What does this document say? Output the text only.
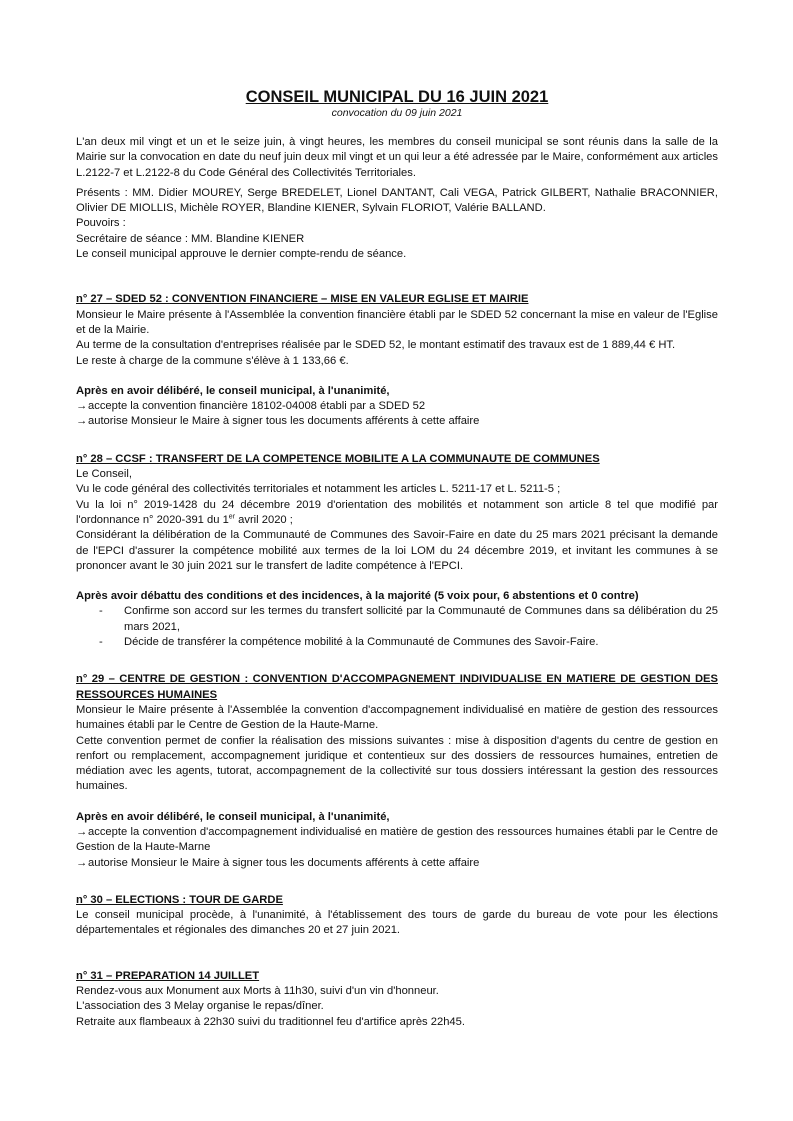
CONSEIL MUNICIPAL DU 16 JUIN 2021
convocation du 09 juin 2021

L'an deux mil vingt et un et le seize juin, à vingt heures, les membres du conseil municipal se sont réunis dans la salle de la Mairie sur la convocation en date du neuf juin deux mil vingt et un qui leur a été adressée par le Maire, conformément aux articles L.2122-7 et L.2122-8 du Code Général des Collectivités Territoriales.

Présents : MM. Didier MOUREY, Serge BREDELET, Lionel DANTANT, Cali VEGA, Patrick GILBERT, Nathalie BRACONNIER, Olivier DE MIOLLIS, Michèle ROYER, Blandine KIENER, Sylvain FLORIOT, Valérie BALLAND.

Pouvoirs :

Secrétaire de séance : MM. Blandine KIENER

Le conseil municipal approuve le dernier compte-rendu de séance.

n° 27 – SDED 52 : CONVENTION FINANCIERE – MISE EN VALEUR EGLISE ET MAIRIE

Monsieur le Maire présente à l'Assemblée la convention financière établi par le SDED 52 concernant la mise en valeur de l'Eglise et de la Mairie.

Au terme de la consultation d'entreprises réalisée par le SDED 52, le montant estimatif des travaux est de 1 889,44 € HT.

Le reste à charge de la commune s'élève à 1 133,66 €.

Après en avoir délibéré, le conseil municipal, à l'unanimité,

→accepte la convention financière 18102-04008 établi par a SDED 52

→autorise Monsieur le Maire à signer tous les documents afférents à cette affaire

n° 28 – CCSF : TRANSFERT DE LA COMPETENCE MOBILITE A LA COMMUNAUTE DE COMMUNES

Le Conseil,

Vu le code général des collectivités territoriales et notamment les articles L. 5211-17 et L. 5211-5 ;

Vu la loi n° 2019-1428 du 24 décembre 2019 d'orientation des mobilités et notamment son article 8 tel que modifié par l'ordonnance n° 2020-391 du 1er avril 2020 ;

Considérant la délibération de la Communauté de Communes des Savoir-Faire en date du 25 mars 2021 précisant la demande de l'EPCI d'assurer la compétence mobilité aux termes de la loi LOM du 24 décembre 2019, et invitant les communes à se prononcer avant le 30 juin 2021 sur le transfert de ladite compétence à l'EPCI.

Après avoir débattu des conditions et des incidences, à la majorité (5 voix pour, 6 abstentions et 0 contre)

- Confirme son accord sur les termes du transfert sollicité par la Communauté de Communes dans sa délibération du 25 mars 2021,
- Décide de transférer la compétence mobilité à la Communauté de Communes des Savoir-Faire.

n° 29 – CENTRE DE GESTION : CONVENTION D'ACCOMPAGNEMENT INDIVIDUALISE EN MATIERE DE GESTION DES RESSOURCES HUMAINES

Monsieur le Maire présente à l'Assemblée la convention d'accompagnement individualisé en matière de gestion des ressources humaines établi par le Centre de Gestion de la Haute-Marne.

Cette convention permet de confier la réalisation des missions suivantes : mise à disposition d'agents du centre de gestion en renfort ou remplacement, accompagnement juridique et contentieux sur des dossiers de ressources humaines, entretien de médiation avec les agents, tutorat, accompagnement de la collectivité sur tous dossiers intéressant la gestion des ressources humaines.

Après en avoir délibéré, le conseil municipal, à l'unanimité,

→accepte la convention d'accompagnement individualisé en matière de gestion des ressources humaines établi par le Centre de Gestion de la Haute-Marne

→autorise Monsieur le Maire à signer tous les documents afférents à cette affaire

n° 30 – ELECTIONS : TOUR DE GARDE

Le conseil municipal procède, à l'unanimité, à l'établissement des tours de garde du bureau de vote pour les élections départementales et régionales des dimanches 20 et 27 juin 2021.

n° 31 – PREPARATION 14 JUILLET

Rendez-vous aux Monument aux Morts à 11h30, suivi d'un vin d'honneur.

L'association des 3 Melay organise le repas/dîner.

Retraite aux flambeaux à 22h30 suivi du traditionnel feu d'artifice après 22h45.
